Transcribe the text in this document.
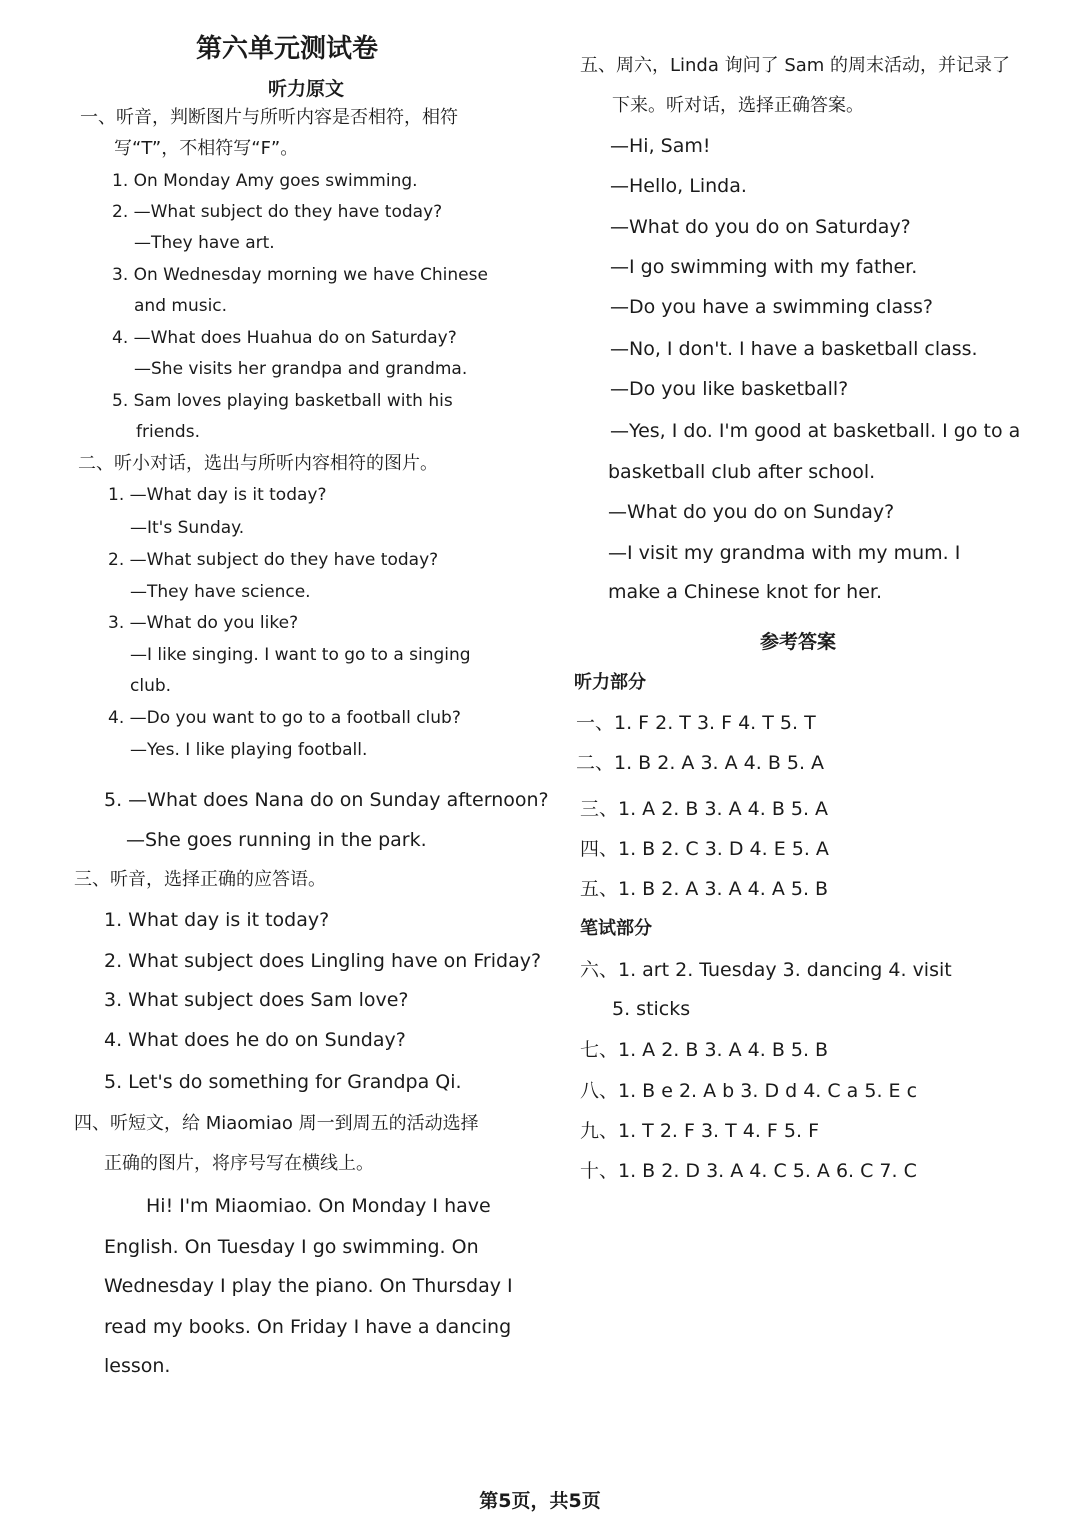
第六单元测试卷
听力原文
一、听音，判断图片与所听内容是否相符，相符
写“T”，不相符写“F”。
1. On Monday Amy goes swimming.
2. —What subject do they have today?
—They have art.
3. On Wednesday morning we have Chinese
and music.
4. —What does Huahua do on Saturday?
—She visits her grandpa and grandma.
5. Sam loves playing basketball with his
friends.
二、听小对话，选出与所听内容相符的图片。
1. —What day is it today?
—It's Sunday.
2. —What subject do they have today?
—They have science.
3. —What do you like?
—I like singing. I want to go to a singing
club.
4. —Do you want to go to a football club?
—Yes. I like playing football.
5. —What does Nana do on Sunday afternoon?
—She goes running in the park.
三、听音，选择正确的应答语。
1. What day is it today?
2. What subject does Lingling have on Friday?
3. What subject does Sam love?
4. What does he do on Sunday?
5. Let's do something for Grandpa Qi.
四、听短文，给 Miaomiao 周一到周五的活动选择
正确的图片，将序号写在横线上。
Hi! I'm Miaomiao. On Monday I have
English. On Tuesday I go swimming. On
Wednesday I play the piano. On Thursday I
read my books. On Friday I have a dancing
lesson.
五、周六，Linda 询问了 Sam 的周末活动，并记录了
下来。听对话，选择正确答案。
—Hi, Sam!
—Hello, Linda.
—What do you do on Saturday?
—I go swimming with my father.
—Do you have a swimming class?
—No, I don't. I have a basketball class.
—Do you like basketball?
—Yes, I do. I'm good at basketball. I go to a
basketball club after school.
—What do you do on Sunday?
—I visit my grandma with my mum. I
make a Chinese knot for her.
参考答案
听力部分
一、1. F 2. T 3. F 4. T 5. T
二、1. B 2. A 3. A 4. B 5. A
三、1. A 2. B 3. A 4. B 5. A
四、1. B 2. C 3. D 4. E 5. A
五、1. B 2. A 3. A 4. A 5. B
笔试部分
六、1. art 2. Tuesday 3. dancing 4. visit
5. sticks
七、1. A 2. B 3. A 4. B 5. B
八、1. B e 2. A b 3. D d 4. C a 5. E c
九、1. T 2. F 3. T 4. F 5. F
十、1. B 2. D 3. A 4. C 5. A 6. C 7. C
第5页，共5页
